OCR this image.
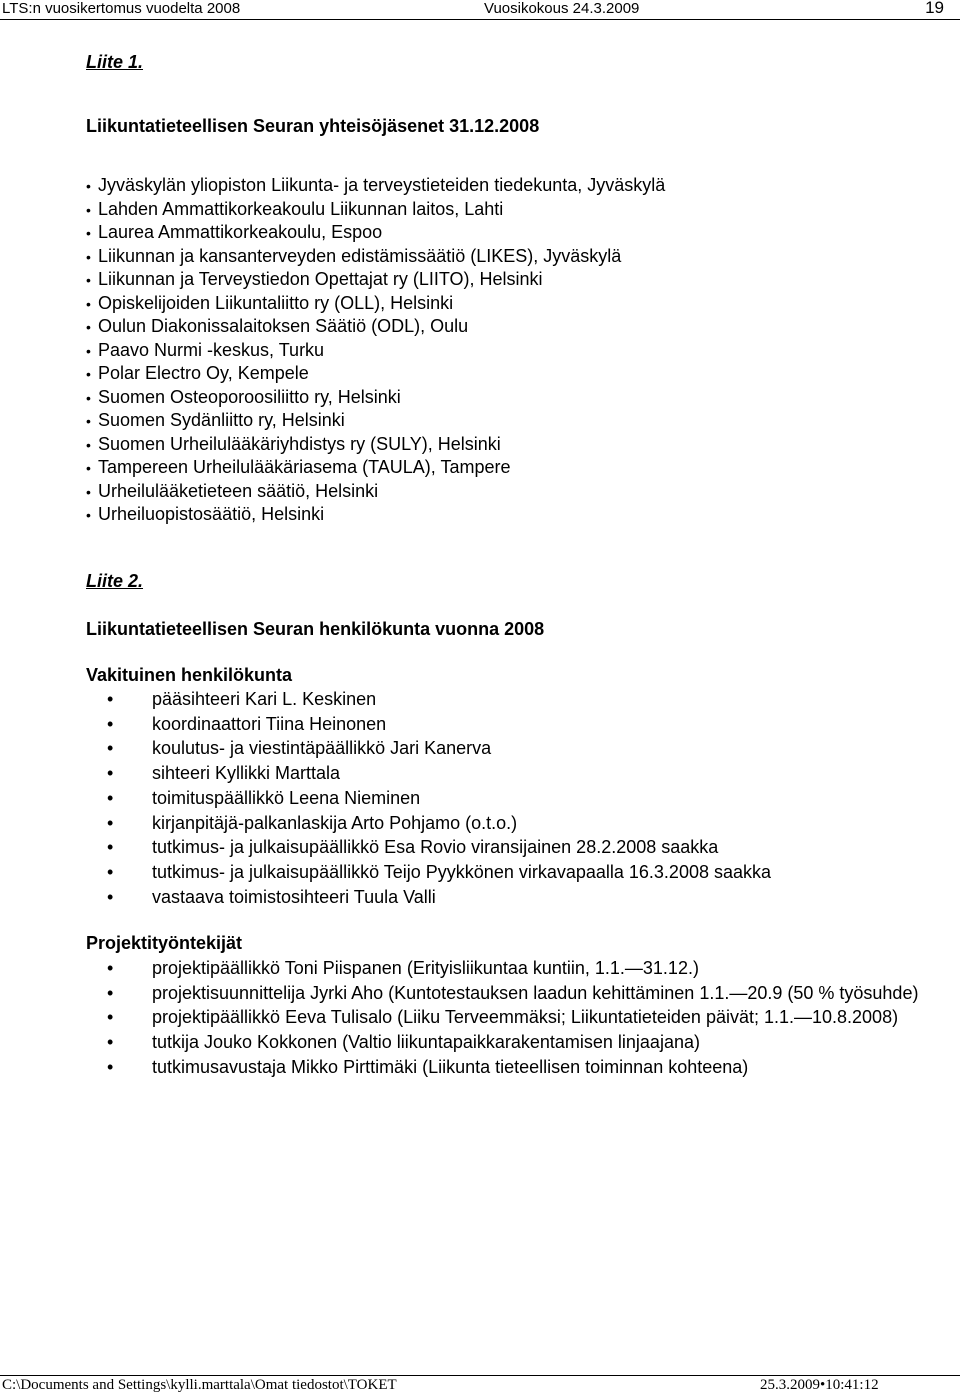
LTS:n vuosikertomus vuodelta 2008	Vuosikokous 24.3.2009	19
Liite 1.
Liikuntatieteellisen Seuran yhteisöjäsenet 31.12.2008
• Jyväskylän yliopiston Liikunta- ja terveystieteiden tiedekunta, Jyväskylä
• Lahden Ammattikorkeakoulu Liikunnan laitos, Lahti
• Laurea Ammattikorkeakoulu, Espoo
• Liikunnan ja kansanterveyden edistämissäätiö (LIKES), Jyväskylä
• Liikunnan ja Terveystiedon Opettajat ry (LIITO), Helsinki
• Opiskelijoiden Liikuntaliitto ry (OLL), Helsinki
• Oulun Diakonissalaitoksen Säätiö (ODL), Oulu
• Paavo Nurmi -keskus, Turku
• Polar Electro Oy, Kempele
• Suomen Osteoporoosiliitto ry, Helsinki
• Suomen Sydänliitto ry, Helsinki
• Suomen Urheilulääkäriyhdistys ry (SULY), Helsinki
• Tampereen Urheilulääkäriasema (TAULA), Tampere
• Urheilulääketieteen säätiö, Helsinki
• Urheiluopistosäätiö, Helsinki
Liite 2.
Liikuntatieteellisen Seuran henkilökunta vuonna 2008
Vakituinen henkilökunta
• pääsihteeri Kari L. Keskinen
• koordinaattori Tiina Heinonen
• koulutus- ja viestintäpäällikkö Jari Kanerva
• sihteeri Kyllikki Marttala
• toimituspäällikkö Leena Nieminen
• kirjanpitäjä-palkanlaskija Arto Pohjamo (o.t.o.)
• tutkimus- ja julkaisupäällikkö Esa Rovio viransijainen 28.2.2008 saakka
• tutkimus- ja julkaisupäällikkö Teijo Pyykkönen virkavapaalla 16.3.2008 saakka
• vastaava toimistosihteeri Tuula Valli
Projektityöntekijät
• projektipäällikkö Toni Piispanen (Erityisliikuntaa kuntiin, 1.1.—31.12.)
• projektisuunnittelija Jyrki Aho (Kuntotestauksen laadun kehittäminen 1.1.—20.9 (50 % työsuhde)
• projektipäällikkö Eeva Tulisalo (Liiku Terveemmäksi; Liikuntatieteiden päivät; 1.1.—10.8.2008)
• tutkija Jouko Kokkonen (Valtio liikuntapaikkarakentamisen linjaajana)
• tutkimusavustaja Mikko Pirttimäki (Liikunta tieteellisen toiminnan kohteena)
C:\Documents and Settings\kylli.marttala\Omat tiedostot\TOKET	25.3.2009•10:41:12
